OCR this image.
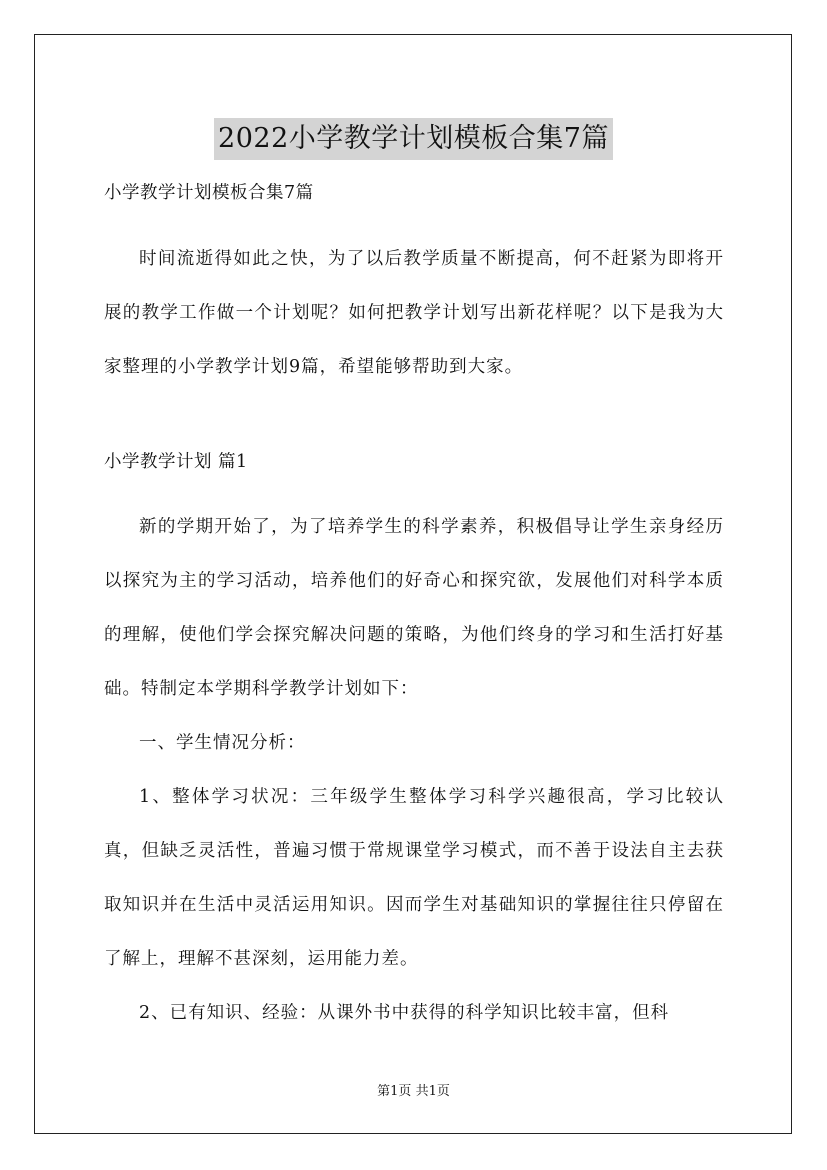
2022小学教学计划模板合集7篇

小学教学计划模板合集7篇

时间流逝得如此之快，为了以后教学质量不断提高，何不赶紧为即将开展的教学工作做一个计划呢？如何把教学计划写出新花样呢？以下是我为大家整理的小学教学计划9篇，希望能够帮助到大家。

小学教学计划 篇1

新的学期开始了，为了培养学生的科学素养，积极倡导让学生亲身经历以探究为主的学习活动，培养他们的好奇心和探究欲，发展他们对科学本质的理解，使他们学会探究解决问题的策略，为他们终身的学习和生活打好基础。特制定本学期科学教学计划如下：

一、学生情况分析：

1、整体学习状况：三年级学生整体学习科学兴趣很高，学习比较认真，但缺乏灵活性，普遍习惯于常规课堂学习模式，而不善于设法自主去获取知识并在生活中灵活运用知识。因而学生对基础知识的掌握往往只停留在了解上，理解不甚深刻，运用能力差。

2、已有知识、经验：从课外书中获得的科学知识比较丰富，但科

第1页 共1页
